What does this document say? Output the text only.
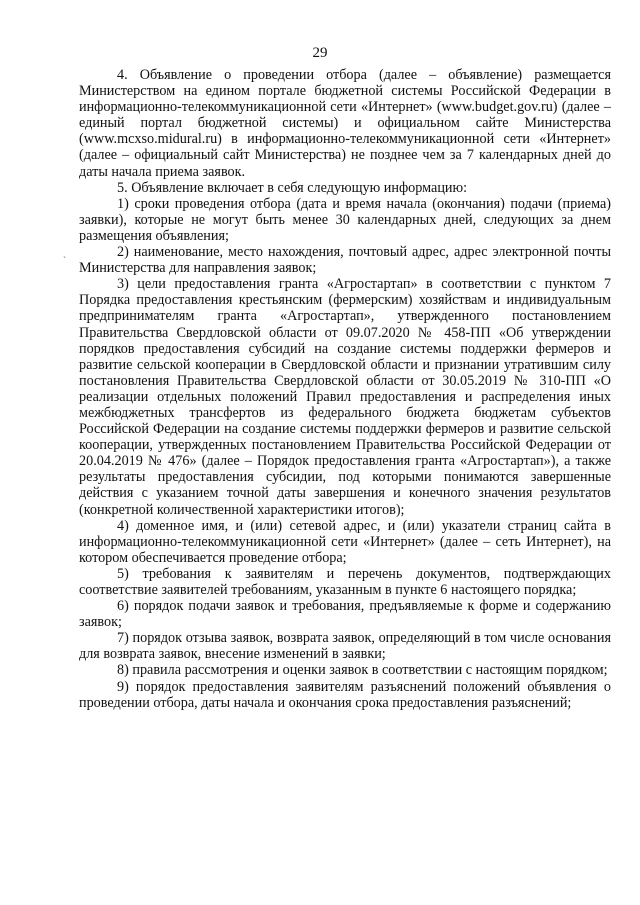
29
`

4. Объявление о проведении отбора (далее – объявление) размещается Министерством на едином портале бюджетной системы Российской Федерации в информационно-телекоммуникационной сети «Интернет» (www.budget.gov.ru) (далее – единый портал бюджетной системы) и официальном сайте Министерства (www.mcxso.midural.ru) в информационно-телекоммуникационной сети «Интернет» (далее – официальный сайт Министерства) не позднее чем за 7 календарных дней до даты начала приема заявок.

5. Объявление включает в себя следующую информацию:

1) сроки проведения отбора (дата и время начала (окончания) подачи (приема) заявки), которые не могут быть менее 30 календарных дней, следующих за днем размещения объявления;

2) наименование, место нахождения, почтовый адрес, адрес электронной почты Министерства для направления заявок;

3) цели предоставления гранта «Агростартап» в соответствии с пунктом 7 Порядка предоставления крестьянским (фермерским) хозяйствам и индивидуальным предпринимателям гранта «Агростартап», утвержденного постановлением Правительства Свердловской области от 09.07.2020 № 458-ПП «Об утверждении порядков предоставления субсидий на создание системы поддержки фермеров и развитие сельской кооперации в Свердловской области и признании утратившим силу постановления Правительства Свердловской области от 30.05.2019 № 310-ПП «О реализации отдельных положений Правил предоставления и распределения иных межбюджетных трансфертов из федерального бюджета бюджетам субъектов Российской Федерации на создание системы поддержки фермеров и развитие сельской кооперации, утвержденных постановлением Правительства Российской Федерации от 20.04.2019 № 476» (далее – Порядок предоставления гранта «Агростартап»), а также результаты предоставления субсидии, под которыми понимаются завершенные действия с указанием точной даты завершения и конечного значения результатов (конкретной количественной характеристики итогов);

4) доменное имя, и (или) сетевой адрес, и (или) указатели страниц сайта в информационно-телекоммуникационной сети «Интернет» (далее – сеть Интернет), на котором обеспечивается проведение отбора;

5) требования к заявителям и перечень документов, подтверждающих соответствие заявителей требованиям, указанным в пункте 6 настоящего порядка;

6) порядок подачи заявок и требования, предъявляемые к форме и содержанию заявок;

7) порядок отзыва заявок, возврата заявок, определяющий в том числе основания для возврата заявок, внесение изменений в заявки;

8) правила рассмотрения и оценки заявок в соответствии с настоящим порядком;

9) порядок предоставления заявителям разъяснений положений объявления о проведении отбора, даты начала и окончания срока предоставления разъяснений;
